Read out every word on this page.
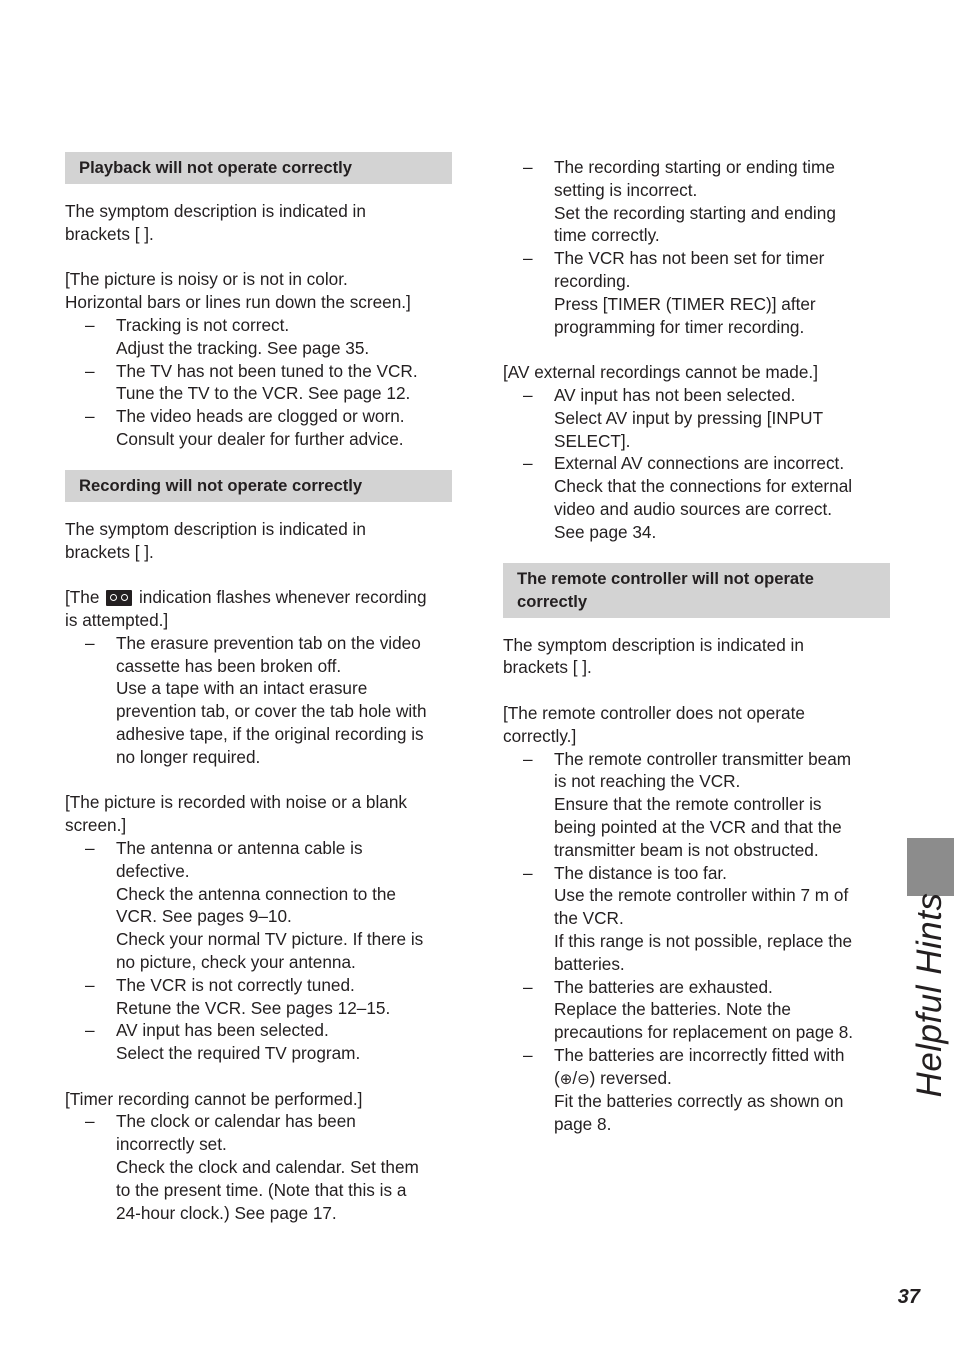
Playback will not operate correctly

The symptom description is indicated in

brackets [ ].

[The picture is noisy or is not in color.

Horizontal bars or lines run down the screen.]

– Tracking is not correct.

Adjust the tracking. See page 35.

– The TV has not been tuned to the VCR.

Tune the TV to the VCR. See page 12.

– The video heads are clogged or worn.

Consult your dealer for further advice.

Recording will not operate correctly

The symptom description is indicated in

brackets [ ].

[The indication flashes whenever recording

is attempted.]

– The erasure prevention tab on the video

cassette has been broken off.

Use a tape with an intact erasure

prevention tab, or cover the tab hole with

adhesive tape, if the original recording is

no longer required.

[The picture is recorded with noise or a blank

screen.]

– The antenna or antenna cable is

defective.

Check the antenna connection to the

VCR. See pages 9–10.

Check your normal TV picture. If there is

no picture, check your antenna.

– The VCR is not correctly tuned.

Retune the VCR. See pages 12–15.

– AV input has been selected.

Select the required TV program.

[Timer recording cannot be performed.]

– The clock or calendar has been

incorrectly set.

Check the clock and calendar. Set them

to the present time. (Note that this is a

24-hour clock.) See page 17.

– The recording starting or ending time

setting is incorrect.

Set the recording starting and ending

time correctly.

– The VCR has not been set for timer

recording.

Press [TIMER (TIMER REC)] after

programming for timer recording.

[AV external recordings cannot be made.]

– AV input has not been selected.

Select AV input by pressing [INPUT

SELECT].

– External AV connections are incorrect.

Check that the connections for external

video and audio sources are correct.

See page 34.

The remote controller will not operate
correctly

The symptom description is indicated in

brackets [ ].

[The remote controller does not operate

correctly.]

– The remote controller transmitter beam

is not reaching the VCR.

Ensure that the remote controller is

being pointed at the VCR and that the

transmitter beam is not obstructed.

– The distance is too far.

Use the remote controller within 7 m of

the VCR.

If this range is not possible, replace the

batteries.

– The batteries are exhausted.

Replace the batteries. Note the

precautions for replacement on page 8.

– The batteries are incorrectly fitted with

(⊕/⊖) reversed.

Fit the batteries correctly as shown on

page 8.

Helpful Hints
37
